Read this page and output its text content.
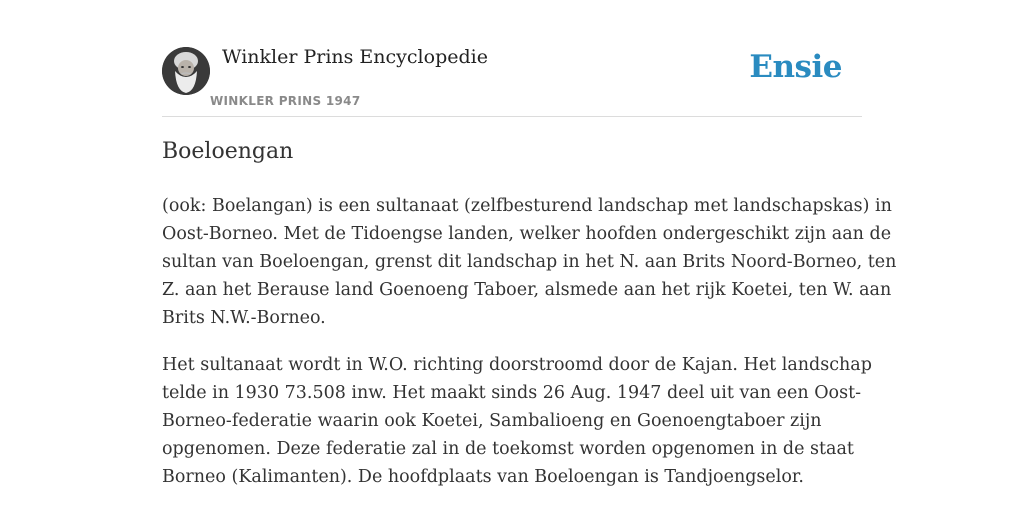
Winkler Prins Encyclopedie
WINKLER PRINS 1947
Ensie
Boeloengan

(ook: Boelangan) is een sultanaat (zelfbesturend landschap met landschapskas) in
Oost-Borneo. Met de Tidoengse landen, welker hoofden ondergeschikt zijn aan de
sultan van Boeloengan, grenst dit landschap in het N. aan Brits Noord-Borneo, ten
Z. aan het Berause land Goenoeng Taboer, alsmede aan het rijk Koetei, ten W. aan
Brits N.W.-Borneo.

Het sultanaat wordt in W.O. richting doorstroomd door de Kajan. Het landschap
telde in 1930 73.508 inw. Het maakt sinds 26 Aug. 1947 deel uit van een Oost-
Borneo-federatie waarin ook Koetei, Sambalioeng en Goenoengtaboer zijn
opgenomen. Deze federatie zal in de toekomst worden opgenomen in de staat
Borneo (Kalimanten). De hoofdplaats van Boeloengan is Tandjoengselor.
